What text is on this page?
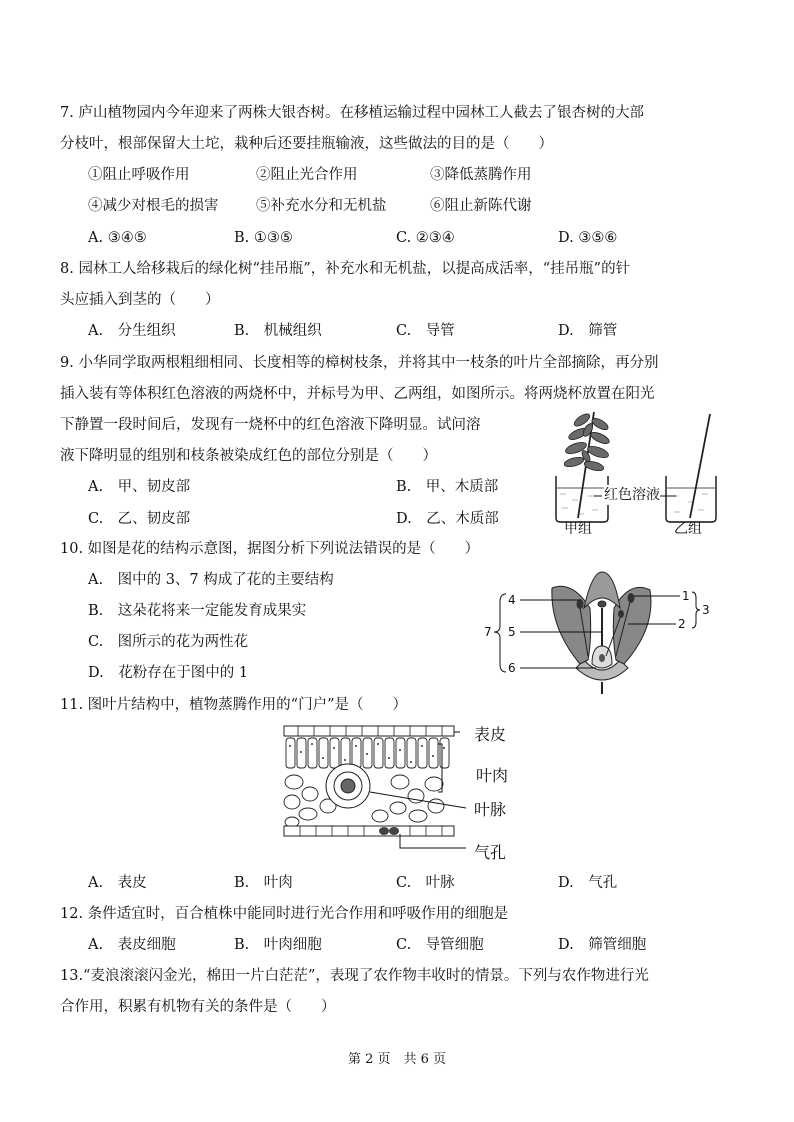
7. 庐山植物园内今年迎来了两株大银杏树。在移植运输过程中园林工人截去了银杏树的大部
分枝叶，根部保留大土坨，栽种后还要挂瓶输液，这些做法的目的是（　　）
①阻止呼吸作用	②阻止光合作用	③降低蒸腾作用
④减少对根毛的损害	⑤补充水分和无机盐	⑥阻止新陈代谢
A. ③④⑤	B. ①③⑤	C. ②③④	D. ③⑤⑥
8. 园林工人给移栽后的绿化树“挂吊瓶”，补充水和无机盐，以提高成活率，“挂吊瓶”的针
头应插入到茎的（　　）
A.　分生组织	B.　机械组织	C.　导管	D.　筛管
9. 小华同学取两根粗细相同、长度相等的樟树枝条，并将其中一枝条的叶片全部摘除，再分别
插入装有等体积红色溶液的两烧杯中，并标号为甲、乙两组，如图所示。将两烧杯放置在阳光
下静置一段时间后，发现有一烧杯中的红色溶液下降明显。试问溶
液下降明显的组别和枝条被染成红色的部位分别是（　　）
A.　甲、韧皮部	B.　甲、木质部
C.　乙、韧皮部	D.　乙、木质部
红色溶液
甲组	乙组
10. 如图是花的结构示意图，据图分析下列说法错误的是（　　）
A.　图中的 3、7 构成了花的主要结构
B.　这朵花将来一定能发育成果实
C.　图所示的花为两性花
D.　花粉存在于图中的 1
4
5
6
7
1
2
3
11. 图叶片结构中，植物蒸腾作用的“门户”是（　　）
表皮
叶肉
叶脉
气孔
A.　表皮	B.　叶肉	C.　叶脉	D.　气孔
12. 条件适宜时，百合植株中能同时进行光合作用和呼吸作用的细胞是
A.　表皮细胞	B.　叶肉细胞	C.　导管细胞	D.　筛管细胞
13.“麦浪滚滚闪金光，棉田一片白茫茫”，表现了农作物丰收时的情景。下列与农作物进行光
合作用，积累有机物有关的条件是（　　）
第 2 页　共 6 页
